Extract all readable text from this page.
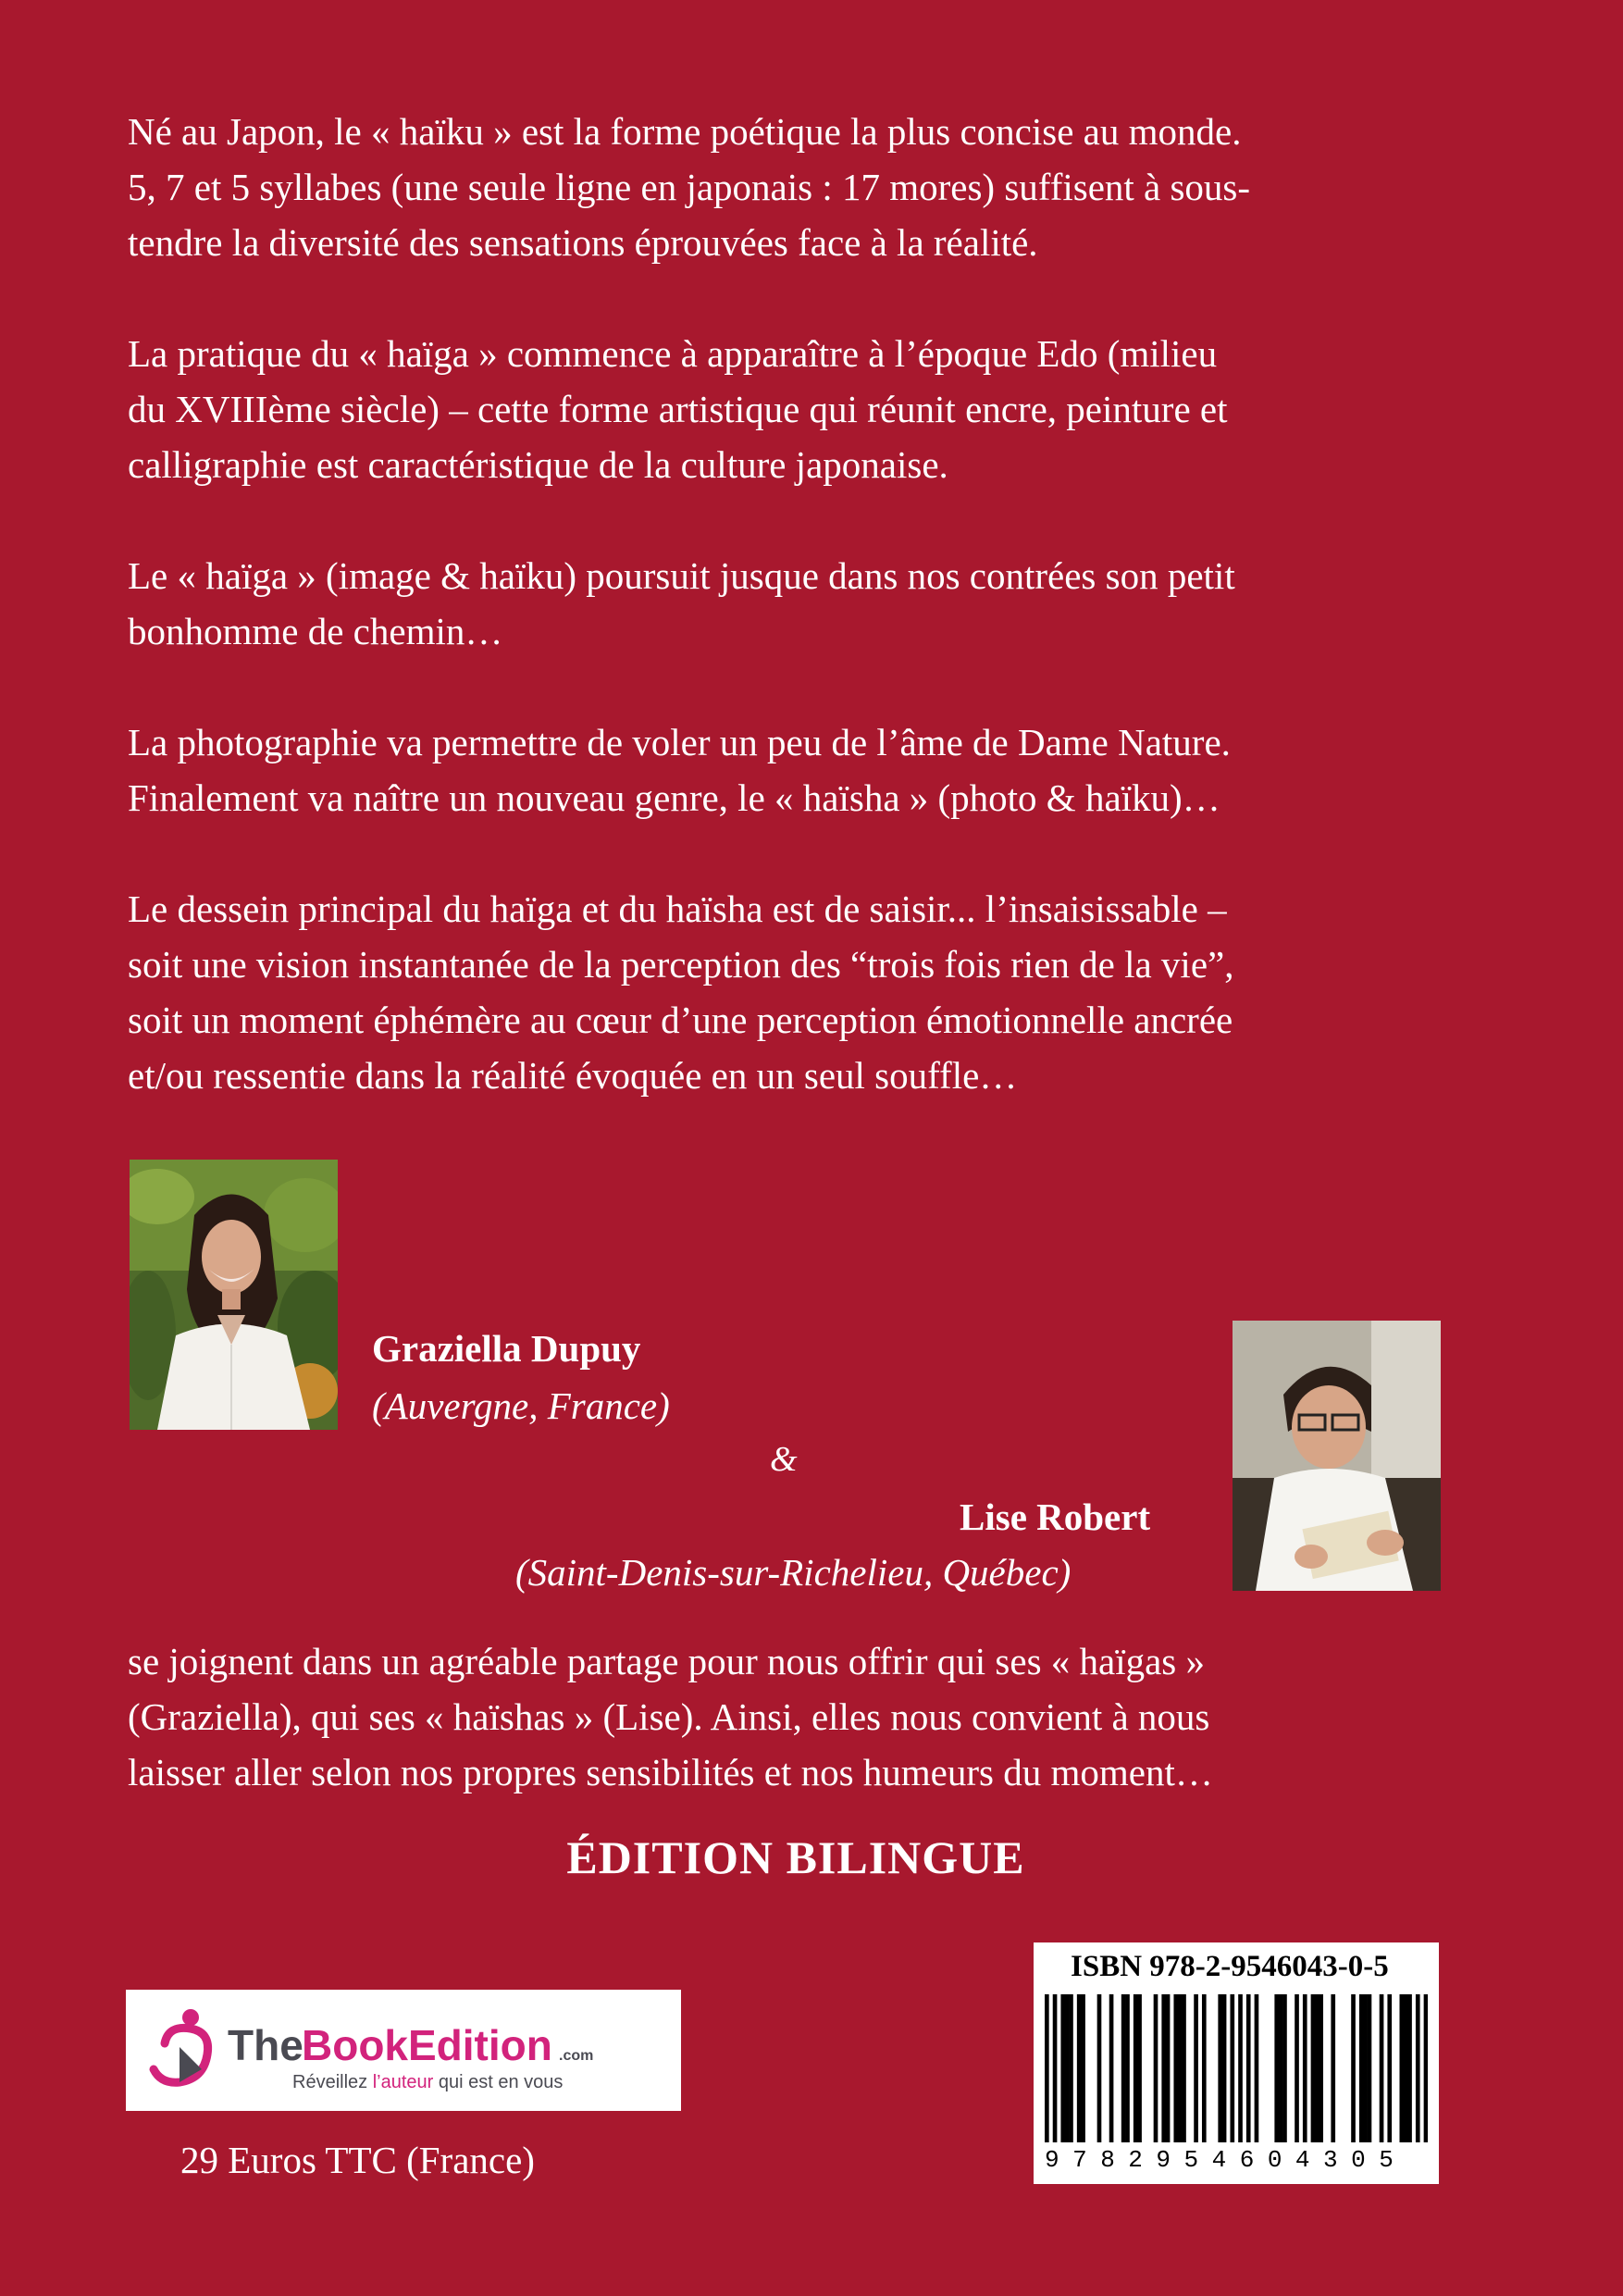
Né au Japon, le « haïku » est la forme poétique la plus concise au monde.
5, 7 et 5 syllabes (une seule ligne en japonais : 17 mores) suffisent à sous-
tendre la diversité des sensations éprouvées face à la réalité.

La pratique du « haïga » commence à apparaître à l’époque Edo (milieu
du XVIIIème siècle) – cette forme artistique qui réunit encre, peinture et
calligraphie est caractéristique de la culture japonaise.

Le « haïga » (image & haïku) poursuit jusque dans nos contrées son petit
bonhomme de chemin…

La photographie va permettre de voler un peu de l’âme de Dame Nature.
Finalement va naître un nouveau genre, le « haïsha » (photo & haïku)…

Le dessein principal du haïga et du haïsha est de saisir... l’insaisissable –
soit une vision instantanée de la perception des “trois fois rien de la vie”,
soit un moment éphémère au cœur d’une perception émotionnelle ancrée
et/ou ressentie dans la réalité évoquée en un seul souffle…

Graziella Dupuy
(Auvergne, France)
&
Lise Robert
(Saint-Denis-sur-Richelieu, Québec)

se joignent dans un agréable partage pour nous offrir qui ses « haïgas »
(Graziella), qui ses « haïshas » (Lise). Ainsi, elles nous convient à nous
laisser aller selon nos propres sensibilités et nos humeurs du moment…

ÉDITION BILINGUE
The
BookEdition .com
Réveillez l’auteur qui est en vous
29 Euros TTC (France)
ISBN 978-2-9546043-0-5
9782954604305
